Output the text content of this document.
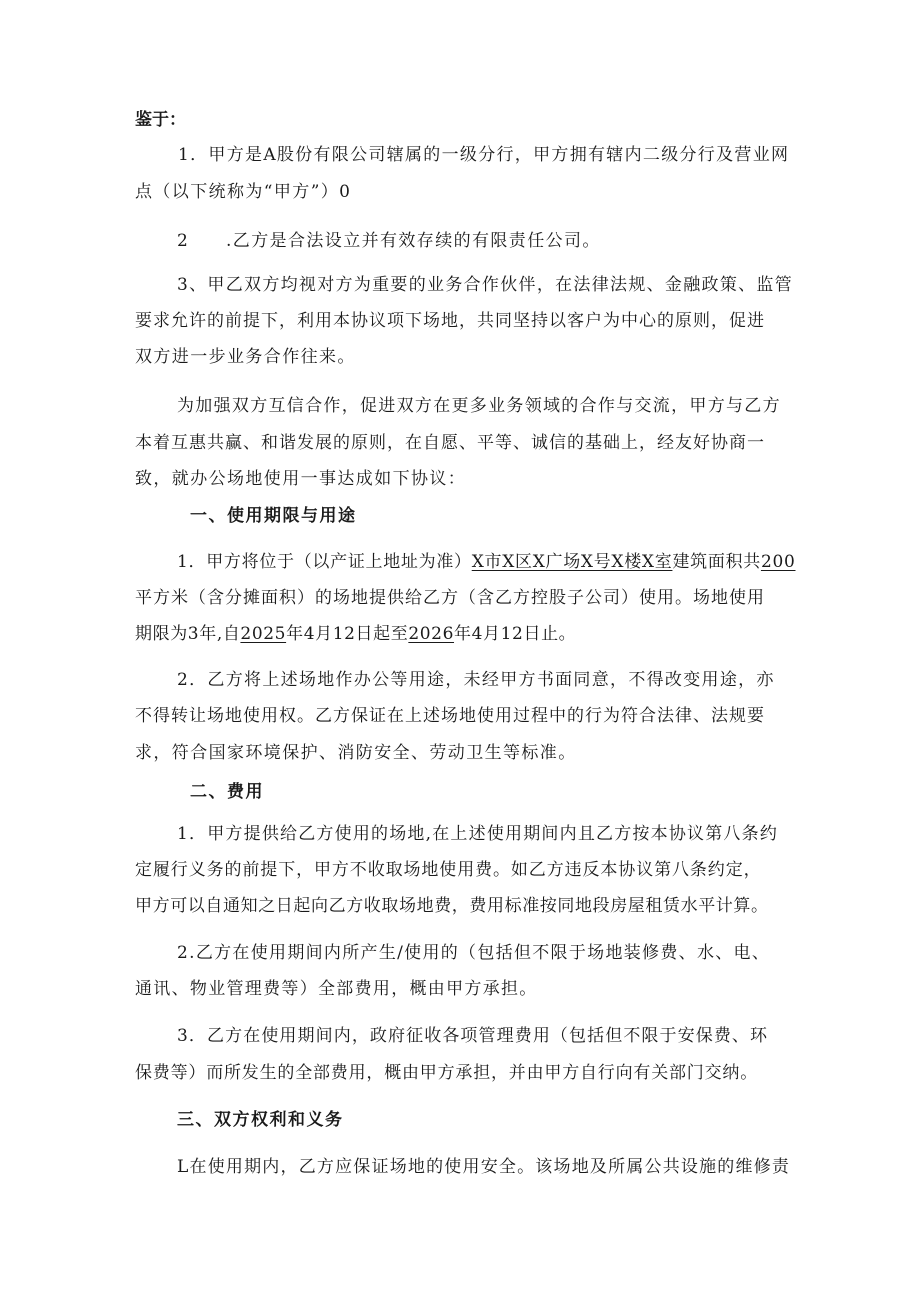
鉴于：
1．甲方是A股份有限公司辖属的一级分行，甲方拥有辖内二级分行及营业网
点（以下统称为“甲方”）0
2 .乙方是合法设立并有效存续的有限责任公司。
3、甲乙双方均视对方为重要的业务合作伙伴，在法律法规、金融政策、监管
要求允许的前提下，利用本协议项下场地，共同坚持以客户为中心的原则，促进
双方进一步业务合作往来。
为加强双方互信合作，促进双方在更多业务领域的合作与交流，甲方与乙方
本着互惠共赢、和谐发展的原则，在自愿、平等、诚信的基础上，经友好协商一
致，就办公场地使用一事达成如下协议：
一、使用期限与用途
1．甲方将位于（以产证上地址为准）X市X区X广场X号X楼X室建筑面积共200
平方米（含分摊面积）的场地提供给乙方（含乙方控股子公司）使用。场地使用
期限为3年,自2025年4月12日起至2026年4月12日止。
2．乙方将上述场地作办公等用途，未经甲方书面同意，不得改变用途，亦
不得转让场地使用权。乙方保证在上述场地使用过程中的行为符合法律、法规要
求，符合国家环境保护、消防安全、劳动卫生等标准。
二、费用
1．甲方提供给乙方使用的场地,在上述使用期间内且乙方按本协议第八条约
定履行义务的前提下，甲方不收取场地使用费。如乙方违反本协议第八条约定，
甲方可以自通知之日起向乙方收取场地费，费用标准按同地段房屋租赁水平计算。
2.乙方在使用期间内所产生/使用的（包括但不限于场地装修费、水、电、
通讯、物业管理费等）全部费用，概由甲方承担。
3．乙方在使用期间内，政府征收各项管理费用（包括但不限于安保费、环
保费等）而所发生的全部费用，概由甲方承担，并由甲方自行向有关部门交纳。
三、双方权利和义务
L在使用期内，乙方应保证场地的使用安全。该场地及所属公共设施的维修责
